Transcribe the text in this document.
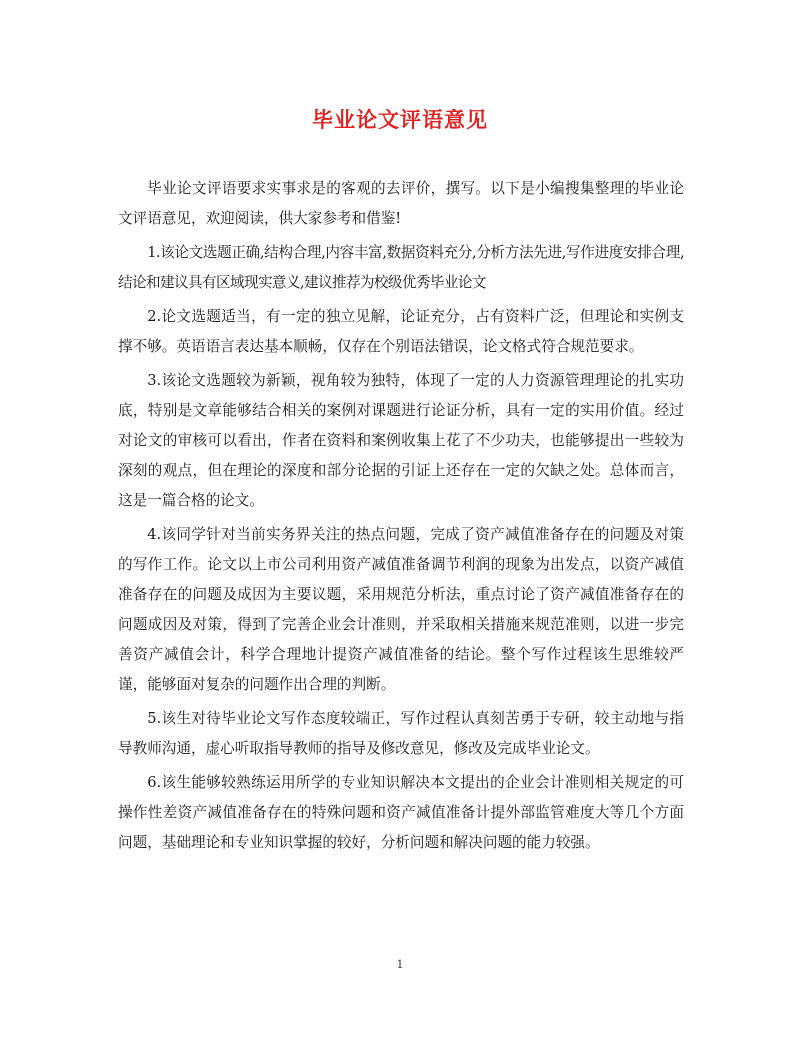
毕业论文评语意见

毕业论文评语要求实事求是的客观的去评价，撰写。以下是小编搜集整理的毕业论文评语意见，欢迎阅读，供大家参考和借鉴!

1.该论文选题正确,结构合理,内容丰富,数据资料充分,分析方法先进,写作进度安排合理,结论和建议具有区域现实意义,建议推荐为校级优秀毕业论文

2.论文选题适当，有一定的独立见解，论证充分，占有资料广泛，但理论和实例支撑不够。英语语言表达基本顺畅，仅存在个别语法错误，论文格式符合规范要求。

3.该论文选题较为新颖，视角较为独特，体现了一定的人力资源管理理论的扎实功底，特别是文章能够结合相关的案例对课题进行论证分析，具有一定的实用价值。经过对论文的审核可以看出，作者在资料和案例收集上花了不少功夫，也能够提出一些较为深刻的观点，但在理论的深度和部分论据的引证上还存在一定的欠缺之处。总体而言，这是一篇合格的论文。

4.该同学针对当前实务界关注的热点问题，完成了资产减值准备存在的问题及对策的写作工作。论文以上市公司利用资产减值准备调节利润的现象为出发点，以资产减值准备存在的问题及成因为主要议题，采用规范分析法，重点讨论了资产减值准备存在的问题成因及对策，得到了完善企业会计准则，并采取相关措施来规范准则，以进一步完善资产减值会计，科学合理地计提资产减值准备的结论。整个写作过程该生思维较严谨，能够面对复杂的问题作出合理的判断。

5.该生对待毕业论文写作态度较端正，写作过程认真刻苦勇于专研，较主动地与指导教师沟通，虚心听取指导教师的指导及修改意见，修改及完成毕业论文。

6.该生能够较熟练运用所学的专业知识解决本文提出的企业会计准则相关规定的可操作性差资产减值准备存在的特殊问题和资产减值准备计提外部监管难度大等几个方面问题，基础理论和专业知识掌握的较好，分析问题和解决问题的能力较强。

1
